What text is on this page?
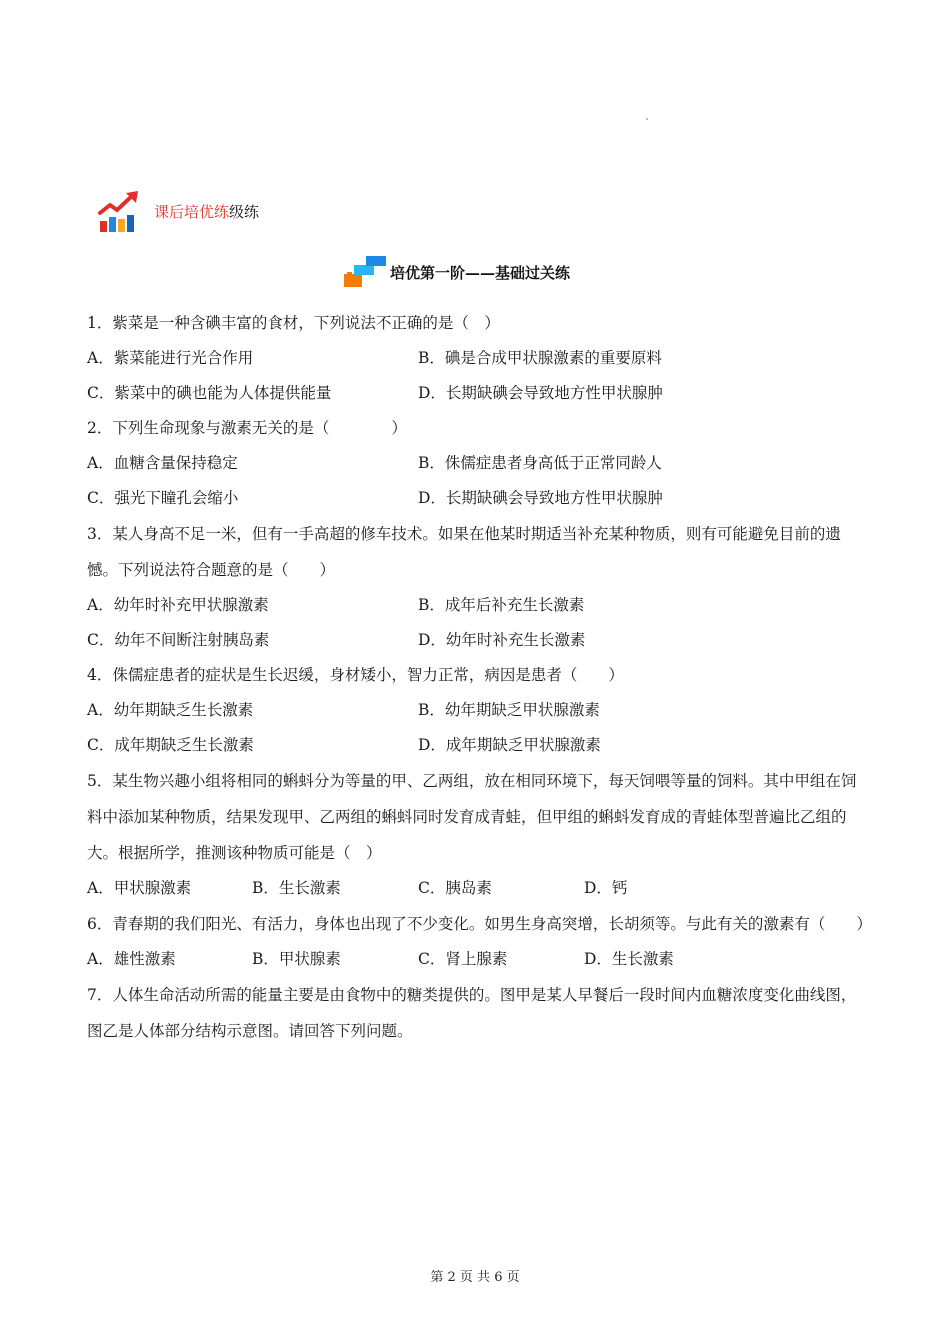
课后培优练 级练
培优第一阶——基础过关练
1．紫菜是一种含碘丰富的食材，下列说法不正确的是（　）
A．紫菜能进行光合作用	B．碘是合成甲状腺激素的重要原料
C．紫菜中的碘也能为人体提供能量	D．长期缺碘会导致地方性甲状腺肿
2．下列生命现象与激素无关的是（　　　　）
A．血糖含量保持稳定	B．侏儒症患者身高低于正常同龄人
C．强光下瞳孔会缩小	D．长期缺碘会导致地方性甲状腺肿
3．某人身高不足一米，但有一手高超的修车技术。如果在他某时期适当补充某种物质，则有可能避免目前的遗憾。下列说法符合题意的是（　　）
A．幼年时补充甲状腺激素	B．成年后补充生长激素
C．幼年不间断注射胰岛素	D．幼年时补充生长激素
4．侏儒症患者的症状是生长迟缓，身材矮小，智力正常，病因是患者（　　）
A．幼年期缺乏生长激素	B．幼年期缺乏甲状腺激素
C．成年期缺乏生长激素	D．成年期缺乏甲状腺激素
5．某生物兴趣小组将相同的蝌蚪分为等量的甲、乙两组，放在相同环境下，每天饲喂等量的饲料。其中甲组在饲料中添加某种物质，结果发现甲、乙两组的蝌蚪同时发育成青蛙，但甲组的蝌蚪发育成的青蛙体型普遍比乙组的大。根据所学，推测该种物质可能是（　）
A．甲状腺激素	B．生长激素	C．胰岛素	D．钙
6．青春期的我们阳光、有活力，身体也出现了不少变化。如男生身高突增，长胡须等。与此有关的激素有（　　）
A．雄性激素	B．甲状腺素	C．肾上腺素	D．生长激素
7．人体生命活动所需的能量主要是由食物中的糖类提供的。图甲是某人早餐后一段时间内血糖浓度变化曲线图，图乙是人体部分结构示意图。请回答下列问题。
第 2 页 共 6 页
